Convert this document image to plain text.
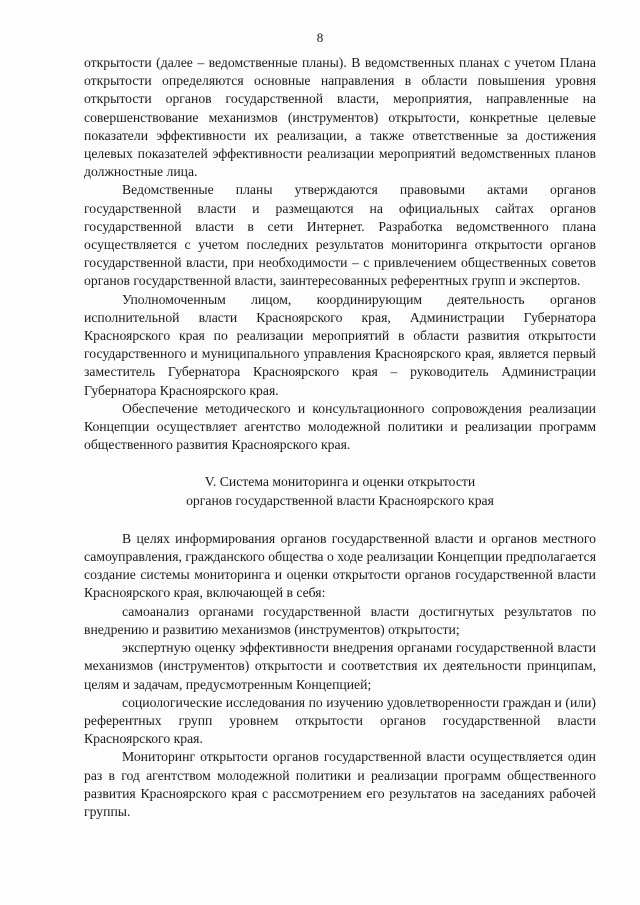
8

открытости (далее – ведомственные планы). В ведомственных планах с учетом Плана открытости определяются основные направления в области повышения уровня открытости органов государственной власти, мероприятия, направленные на совершенствование механизмов (инструментов) открытости, конкретные целевые показатели эффективности их реализации, а также ответственные за достижения целевых показателей эффективности реализации мероприятий ведомственных планов должностные лица.

Ведомственные планы утверждаются правовыми актами органов государственной власти и размещаются на официальных сайтах органов государственной власти в сети Интернет. Разработка ведомственного плана осуществляется с учетом последних результатов мониторинга открытости органов государственной власти, при необходимости – с привлечением общественных советов органов государственной власти, заинтересованных референтных групп и экспертов.

Уполномоченным лицом, координирующим деятельность органов исполнительной власти Красноярского края, Администрации Губернатора Красноярского края по реализации мероприятий в области развития открытости государственного и муниципального управления Красноярского края, является первый заместитель Губернатора Красноярского края – руководитель Администрации Губернатора Красноярского края.

Обеспечение методического и консультационного сопровождения реализации Концепции осуществляет агентство молодежной политики и реализации программ общественного развития Красноярского края.

V. Система мониторинга и оценки открытости
органов государственной власти Красноярского края

В целях информирования органов государственной власти и органов местного самоуправления, гражданского общества о ходе реализации Концепции предполагается создание системы мониторинга и оценки открытости органов государственной власти Красноярского края, включающей в себя:

самоанализ органами государственной власти достигнутых результатов по внедрению и развитию механизмов (инструментов) открытости;

экспертную оценку эффективности внедрения органами государственной власти механизмов (инструментов) открытости и соответствия их деятельности принципам, целям и задачам, предусмотренным Концепцией;

социологические исследования по изучению удовлетворенности граждан и (или) референтных групп уровнем открытости органов государственной власти Красноярского края.

Мониторинг открытости органов государственной власти осуществляется один раз в год агентством молодежной политики и реализации программ общественного развития Красноярского края с рассмотрением его результатов на заседаниях рабочей группы.
